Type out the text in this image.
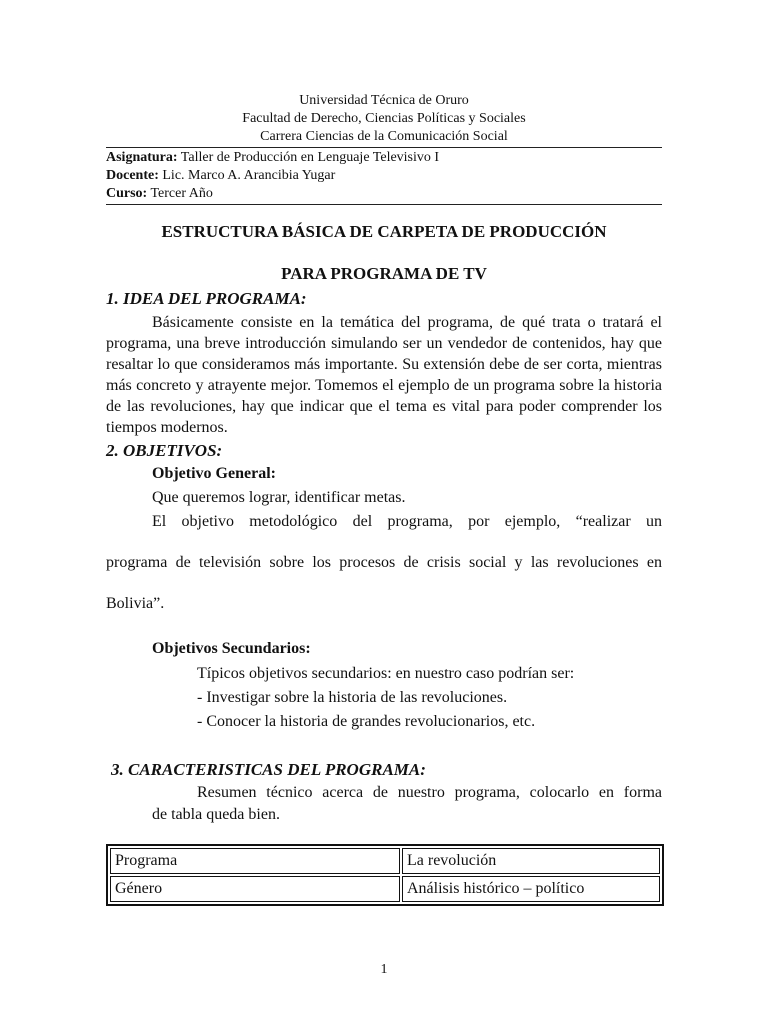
Universidad Técnica de Oruro
Facultad de Derecho, Ciencias Políticas y Sociales
Carrera Ciencias de la Comunicación Social
Asignatura: Taller de Producción en Lenguaje Televisivo I
Docente: Lic. Marco A. Arancibia Yugar
Curso: Tercer Año
ESTRUCTURA BÁSICA DE CARPETA DE PRODUCCIÓN
PARA PROGRAMA DE TV
1. IDEA DEL PROGRAMA:
Básicamente consiste en la temática del programa, de qué trata o tratará el programa, una breve introducción simulando ser un vendedor de contenidos, hay que resaltar lo que consideramos más importante. Su extensión debe de ser corta, mientras más concreto y atrayente mejor. Tomemos el ejemplo de un programa sobre la historia de las revoluciones, hay que indicar que el tema es vital para poder comprender los tiempos modernos.
2. OBJETIVOS:
Objetivo General:
Que queremos lograr, identificar metas.
El objetivo metodológico del programa, por ejemplo, “realizar un
programa de televisión sobre los procesos de crisis social y las revoluciones en
Bolivia”.
Objetivos Secundarios:
Típicos objetivos secundarios: en nuestro caso podrían ser:
- Investigar sobre la historia de las revoluciones.
- Conocer la historia de grandes revolucionarios, etc.
3. CARACTERISTICAS DEL PROGRAMA:
Resumen técnico acerca de nuestro programa, colocarlo en forma
de tabla queda bien.
Programa	La revolución
Género	Análisis histórico – político
1
